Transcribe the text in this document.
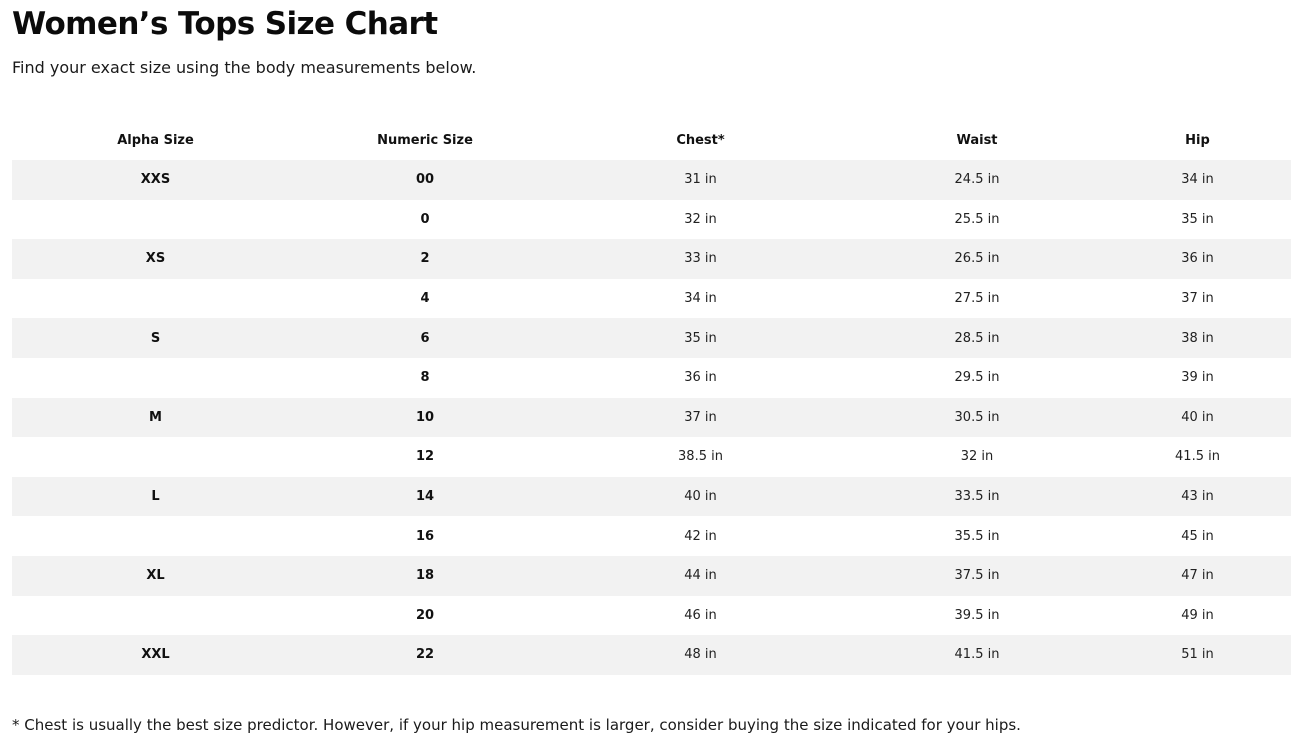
Women’s Tops Size Chart

Find your exact size using the body measurements below.

Alpha Size	Numeric Size	Chest*	Waist	Hip
XXS	00	31 in	24.5 in	34 in
	0	32 in	25.5 in	35 in
XS	2	33 in	26.5 in	36 in
	4	34 in	27.5 in	37 in
S	6	35 in	28.5 in	38 in
	8	36 in	29.5 in	39 in
M	10	37 in	30.5 in	40 in
	12	38.5 in	32 in	41.5 in
L	14	40 in	33.5 in	43 in
	16	42 in	35.5 in	45 in
XL	18	44 in	37.5 in	47 in
	20	46 in	39.5 in	49 in
XXL	22	48 in	41.5 in	51 in

* Chest is usually the best size predictor. However, if your hip measurement is larger, consider buying the size indicated for your hips.
